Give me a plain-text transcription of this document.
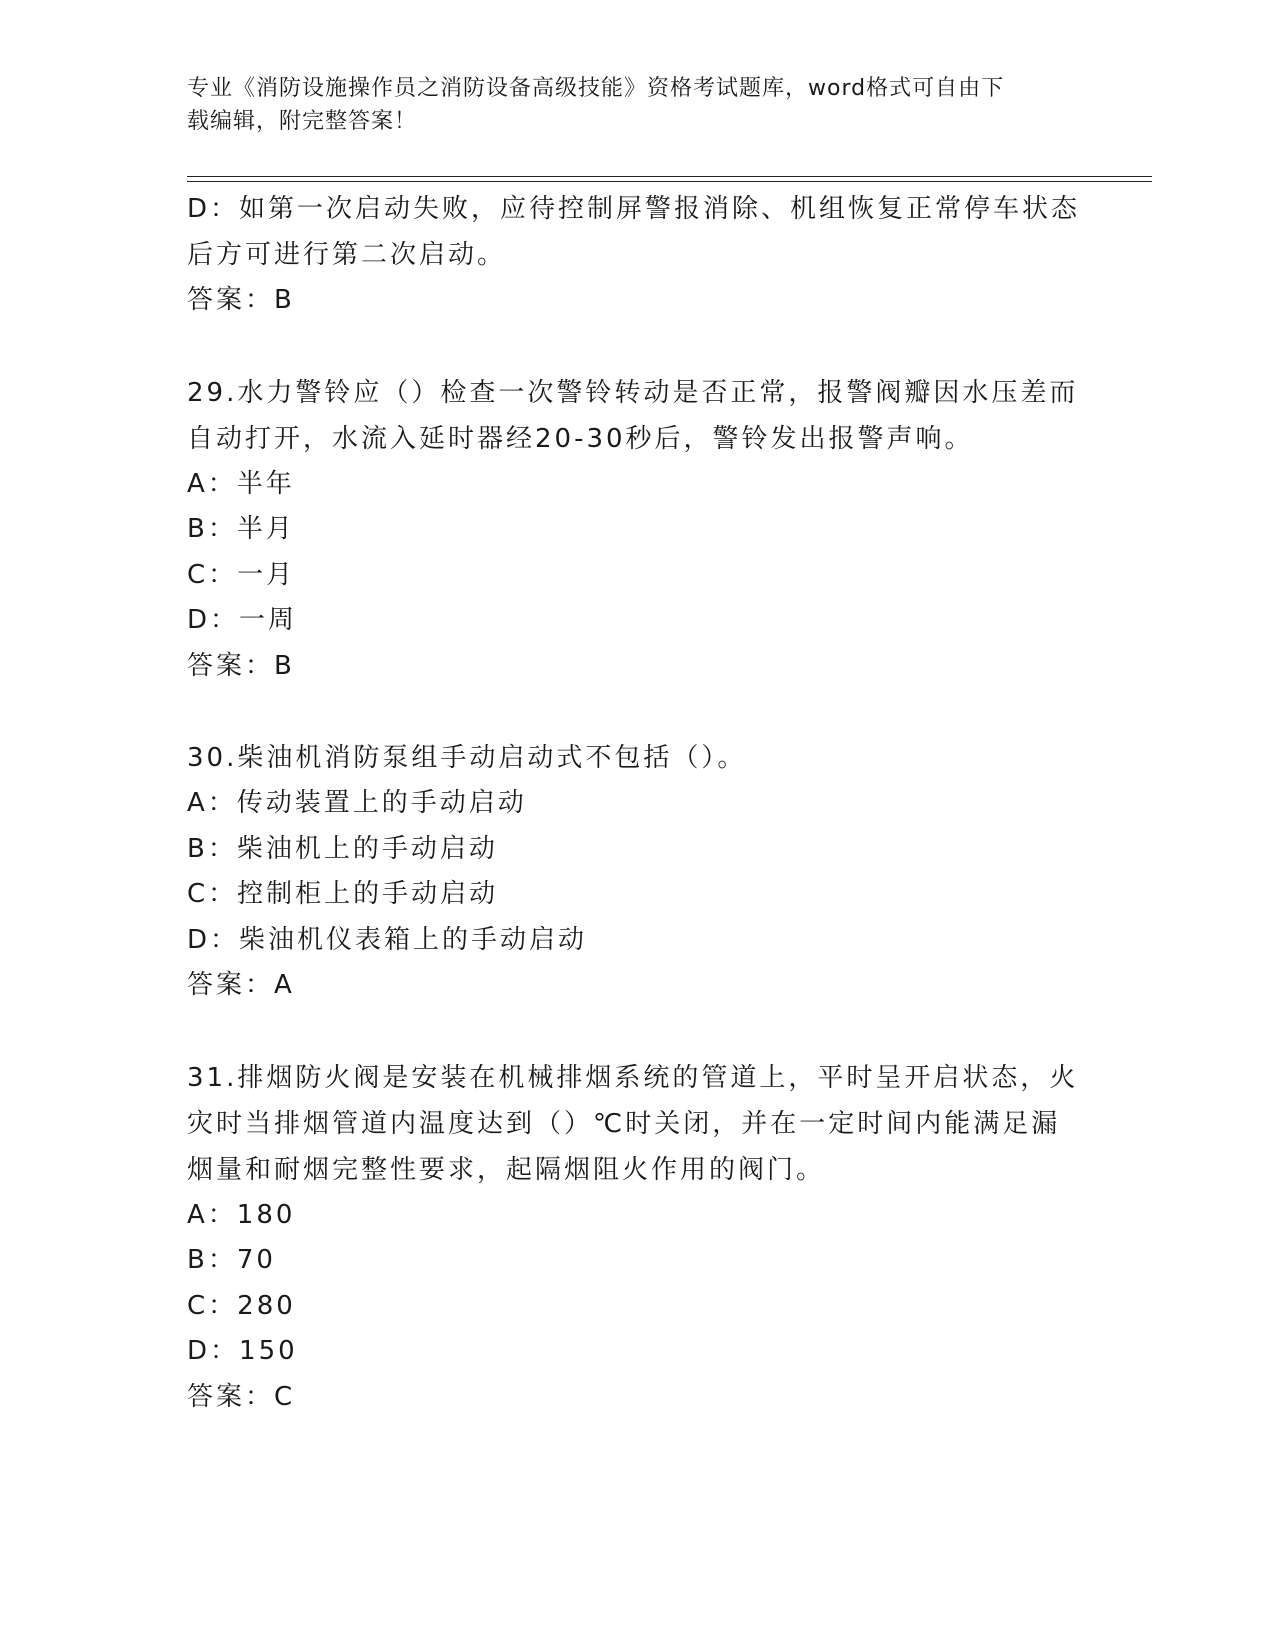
专业《消防设施操作员之消防设备高级技能》资格考试题库，word格式可自由下
载编辑，附完整答案！

D：如第一次启动失败，应待控制屏警报消除、机组恢复正常停车状态

后方可进行第二次启动。

答案：B

29.水力警铃应（）检查一次警铃转动是否正常，报警阀瓣因水压差而

自动打开，水流入延时器经20-30秒后，警铃发出报警声响。

A：半年

B：半月

C：一月

D：一周

答案：B

30.柴油机消防泵组手动启动式不包括（）。

A：传动装置上的手动启动

B：柴油机上的手动启动

C：控制柜上的手动启动

D：柴油机仪表箱上的手动启动

答案：A

31.排烟防火阀是安装在机械排烟系统的管道上，平时呈开启状态，火

灾时当排烟管道内温度达到（）℃时关闭，并在一定时间内能满足漏

烟量和耐烟完整性要求，起隔烟阻火作用的阀门。

A：180

B：70

C：280

D：150

答案：C
